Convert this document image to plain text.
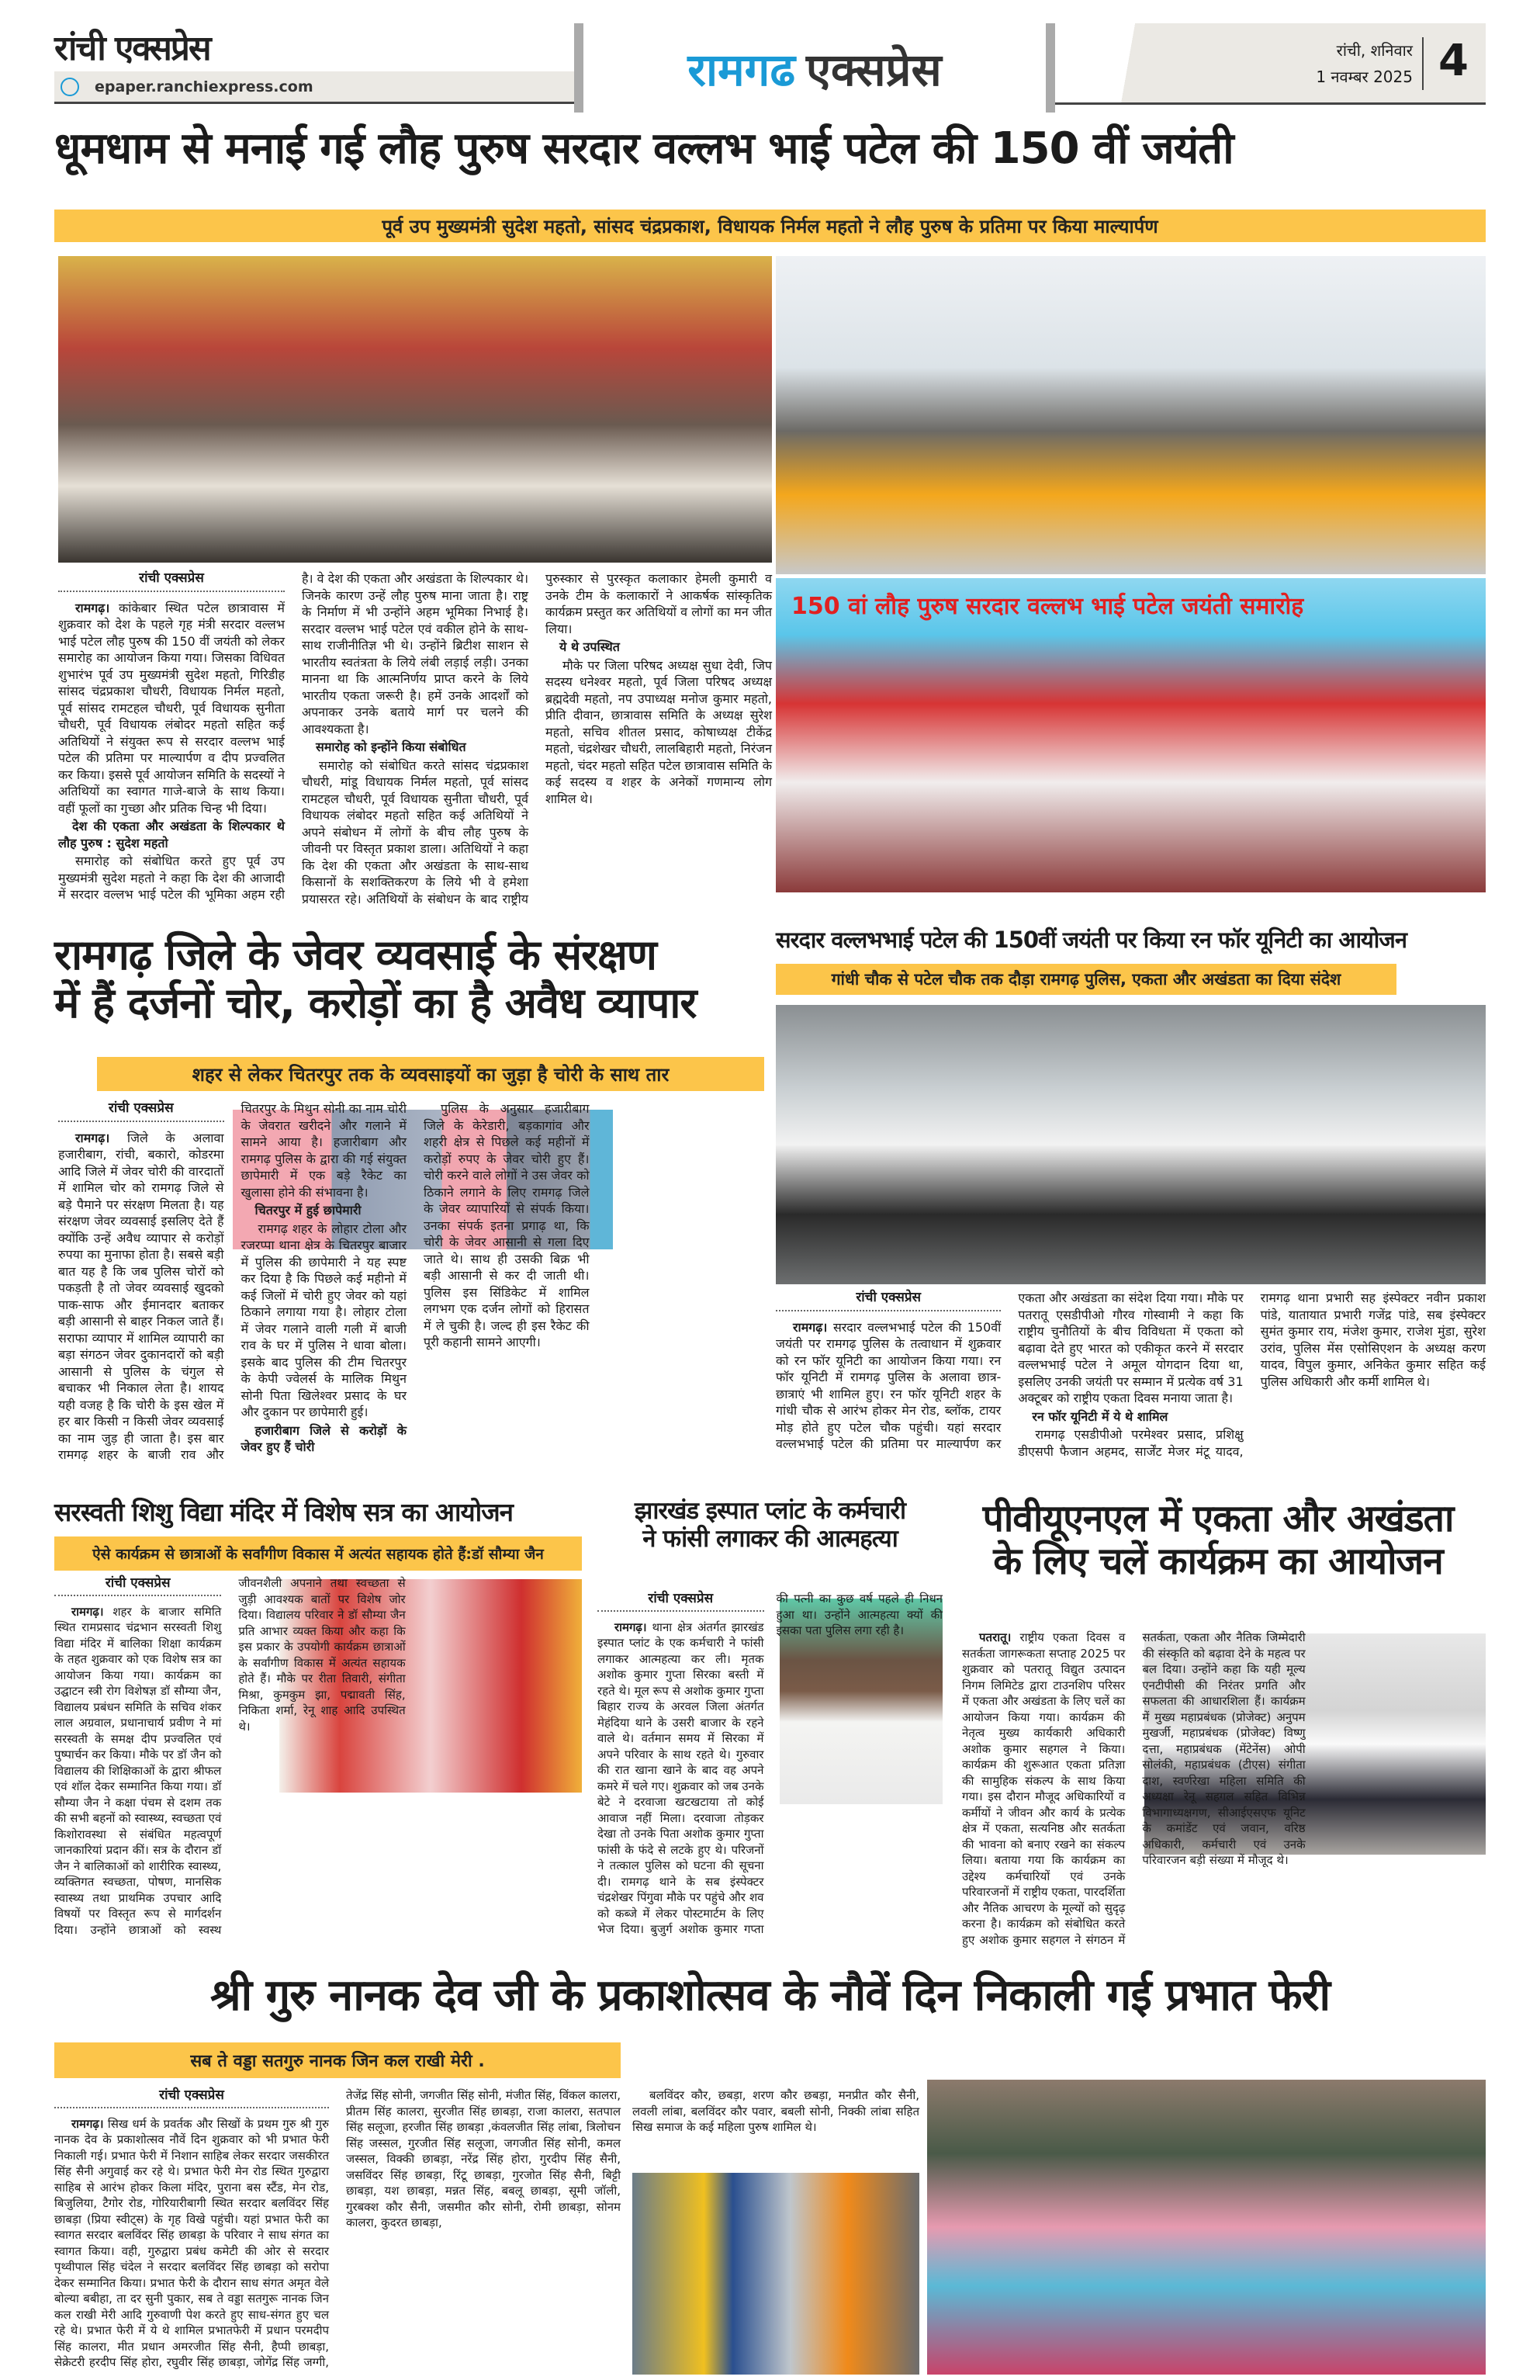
रांची एक्सप्रेस
epaper.ranchiexpress.com	रामगढ एक्सप्रेस	रांची, शनिवार
1 नवम्बर 2025 4
धूमधाम से मनाई गई लौह पुरुष सरदार वल्लभ भाई पटेल की 150 वीं जयंती
पूर्व उप मुख्यमंत्री सुदेश महतो, सांसद चंद्रप्रकाश, विधायक निर्मल महतो ने लौह पुरुष के प्रतिमा पर किया माल्यार्पण
150 वां लौह पुरुष सरदार वल्लभ भाई पटेल जयंती समारोह
रांची एक्सप्रेस

रामगढ़। कांकेबार स्थित पटेल छात्रावास में शुक्रवार को देश के पहले गृह मंत्री सरदार वल्लभ भाई पटेल लौह पुरुष की 150 वीं जयंती को लेकर समारोह का आयोजन किया गया। जिसका विधिवत शुभारंभ पूर्व उप मुख्यमंत्री सुदेश महतो, गिरिडीह सांसद चंद्रप्रकाश चौधरी, विधायक निर्मल महतो, पूर्व सांसद रामटहल चौधरी, पूर्व विधायक सुनीता चौधरी, पूर्व विधायक लंबोदर महतो सहित कई अतिथियों ने संयुक्त रूप से सरदार वल्लभ भाई पटेल की प्रतिमा पर माल्यार्पण व दीप प्रज्वलित कर किया। इससे पूर्व आयोजन समिति के सदस्यों ने अतिथियों का स्वागत गाजे-बाजे के साथ किया। वहीं फूलों का गुच्छा और प्रतिक चिन्ह भी दिया।

देश की एकता और अखंडता के शिल्पकार थे लौह पुरुष : सुदेश महतो

समारोह को संबोधित करते हुए पूर्व उप मुख्यमंत्री सुदेश महतो ने कहा कि देश की आजादी में सरदार वल्लभ भाई पटेल की भूमिका अहम रही है। वे देश की एकता और अखंडता के शिल्पकार थे। जिनके कारण उन्हें लौह पुरुष माना जाता है। राष्ट्र के निर्माण में भी उन्होंने अहम भूमिका निभाई है। सरदार वल्लभ भाई पटेल एवं वकील होने के साथ-साथ राजीनीतिज्ञ भी थे। उन्होंने ब्रिटीश साशन से भारतीय स्वतंत्रता के लिये लंबी लड़ाई लड़ी। उनका मानना था कि आत्मनिर्णय प्राप्त करने के लिये भारतीय एकता जरूरी है। हमें उनके आदर्शों को अपनाकर उनके बताये मार्ग पर चलने की आवश्यकता है।

समारोह को इन्होंने किया संबोधित

समारोह को संबोधित करते सांसद चंद्रप्रकाश चौधरी, मांडू विधायक निर्मल महतो, पूर्व सांसद रामटहल चौधरी, पूर्व विधायक सुनीता चौधरी, पूर्व विधायक लंबोदर महतो सहित कई अतिथियों ने अपने संबोधन में लोगों के बीच लौह पुरुष के जीवनी पर विस्तृत प्रकाश डाला। अतिथियों ने कहा कि देश की एकता और अखंडता के साथ-साथ किसानों के सशक्तिकरण के लिये भी वे हमेशा प्रयासरत रहे। अतिथियों के संबोधन के बाद राष्ट्रीय पुरुस्कार से पुरस्कृत कलाकार हेमली कुमारी व उनके टीम के कलाकारों ने आकर्षक सांस्कृतिक कार्यक्रम प्रस्तुत कर अतिथियों व लोगों का मन जीत लिया।

ये थे उपस्थित

मौके पर जिला परिषद अध्यक्ष सुधा देवी, जिप सदस्य धनेश्वर महतो, पूर्व जिला परिषद अध्यक्ष ब्रह्मदेवी महतो, नप उपाध्यक्ष मनोज कुमार महतो, प्रीति दीवान, छात्रावास समिति के अध्यक्ष सुरेश महतो, सचिव शीतल प्रसाद, कोषाध्यक्ष टीकेंद्र महतो, चंद्रशेखर चौधरी, लालबिहारी महतो, निरंजन महतो, चंदर महतो सहित पटेल छात्रावास समिति के कई सदस्य व शहर के अनेकों गणमान्य लोग शामिल थे।

रामगढ़ जिले के जेवर व्यवसाई के संरक्षण
में हैं दर्जनों चोर, करोड़ों का है अवैध व्यापार
शहर से लेकर चितरपुर तक के व्यवसाइयों का जुड़ा है चोरी के साथ तार
रांची एक्सप्रेस

रामगढ़। जिले के अलावा हजारीबाग, रांची, बकारो, कोडरमा आदि जिले में जेवर चोरी की वारदातों में शामिल चोर को रामगढ़ जिले से बड़े पैमाने पर संरक्षण मिलता है। यह संरक्षण जेवर व्यवसाई इसलिए देते हैं क्योंकि उन्हें अवैध व्यापार से करोड़ों रुपया का मुनाफा होता है। सबसे बड़ी बात यह है कि जब पुलिस चोरों को पकड़ती है तो जेवर व्यवसाई खुदको पाक-साफ और ईमानदार बताकर बड़ी आसानी से बाहर निकल जाते हैं। सराफा व्यापार में शामिल व्यापारी का बड़ा संगठन जेवर दुकानदारों को बड़ी आसानी से पुलिस के चंगुल से बचाकर भी निकाल लेता है। शायद यही वजह है कि चोरी के इस खेल में हर बार किसी न किसी जेवर व्यवसाई का नाम जुड़ ही जाता है। इस बार रामगढ़ शहर के बाजी राव और चितरपुर के मिथुन सोनी का नाम चोरी के जेवरात खरीदने और गलाने में सामने आया है। हजारीबाग और रामगढ़ पुलिस के द्वारा की गई संयुक्त छापेमारी में एक बड़े रैकेट का खुलासा होने की संभावना है।

चितरपुर में हुई छापेमारी

रामगढ़ शहर के लोहार टोला और रजरप्पा थाना क्षेत्र के चितरपुर बाजार में पुलिस की छापेमारी ने यह स्पष्ट कर दिया है कि पिछले कई महीनो में कई जिलों में चोरी हुए जेवर को यहां ठिकाने लगाया गया है। लोहार टोला में जेवर गलाने वाली गली में बाजी राव के घर में पुलिस ने धावा बोला। इसके बाद पुलिस की टीम चितरपुर के केपी ज्वेलर्स के मालिक मिथुन सोनी पिता खिलेश्वर प्रसाद के घर और दुकान पर छापेमारी हुई।

हजारीबाग जिले से करोड़ों के जेवर हुए हैं चोरी

पुलिस के अनुसार हजारीबाग जिले के केरेडारी, बड़कागांव और शहरी क्षेत्र से पिछले कई महीनों में करोड़ों रुपए के जेवर चोरी हुए हैं। चोरी करने वाले लोगों ने उस जेवर को ठिकाने लगाने के लिए रामगढ़ जिले के जेवर व्यापारियों से संपर्क किया। उनका संपर्क इतना प्रगाढ़ था, कि चोरी के जेवर आसानी से गला दिए जाते थे। साथ ही उसकी बिक्र भी बड़ी आसानी से कर दी जाती थी। पुलिस इस सिंडिकेट में शामिल लगभग एक दर्जन लोगों को हिरासत में ले चुकी है। जल्द ही इस रैकेट की पूरी कहानी सामने आएगी।

सरदार वल्लभभाई पटेल की 150वीं जयंती पर किया रन फॉर यूनिटी का आयोजन
गांधी चौक से पटेल चौक तक दौड़ा रामगढ़ पुलिस, एकता और अखंडता का दिया संदेश
रांची एक्सप्रेस

रामगढ़। सरदार वल्लभभाई पटेल की 150वीं जयंती पर रामगढ़ पुलिस के तत्वाधान में शुक्रवार को रन फॉर यूनिटी का आयोजन किया गया। रन फॉर यूनिटी में रामगढ़ पुलिस के अलावा छात्र-छात्राएं भी शामिल हुए। रन फॉर यूनिटी शहर के गांधी चौक से आरंभ होकर मेन रोड, ब्लॉक, टायर मोड़ होते हुए पटेल चौक पहुंची। यहां सरदार वल्लभभाई पटेल की प्रतिमा पर माल्यार्पण कर एकता और अखंडता का संदेश दिया गया। मौके पर पतरातू एसडीपीओ गौरव गोस्वामी ने कहा कि राष्ट्रीय चुनौतियों के बीच विविधता में एकता को बढ़ावा देते हुए भारत को एकीकृत करने में सरदार वल्लभभाई पटेल ने अमूल योगदान दिया था, इसलिए उनकी जयंती पर सम्मान में प्रत्येक वर्ष 31 अक्टूबर को राष्ट्रीय एकता दिवस मनाया जाता है।

रन फॉर यूनिटी में ये थे शामिल

रामगढ़ एसडीपीओ परमेश्वर प्रसाद, प्रशिक्षु डीएसपी फैजान अहमद, सार्जेंट मेजर मंटू यादव, रामगढ़ थाना प्रभारी सह इंस्पेक्टर नवीन प्रकाश पांडे, यातायात प्रभारी गजेंद्र पांडे, सब इंस्पेक्टर सुमंत कुमार राय, मंजेश कुमार, राजेश मुंडा, सुरेश उरांव, पुलिस मेंस एसोसिएशन के अध्यक्ष करण यादव, विपुल कुमार, अनिकेत कुमार सहित कई पुलिस अधिकारी और कर्मी शामिल थे।

सरस्वती शिशु विद्या मंदिर में विशेष सत्र का आयोजन
ऐसे कार्यक्रम से छात्राओं के सर्वांगीण विकास में अत्यंत सहायक होते हैं:डॉ सौम्या जैन
रांची एक्सप्रेस

रामगढ़। शहर के बाजार समिति स्थित रामप्रसाद चंद्रभान सरस्वती शिशु विद्या मंदिर में बालिका शिक्षा कार्यक्रम के तहत शुक्रवार को एक विशेष सत्र का आयोजन किया गया। कार्यक्रम का उद्घाटन स्त्री रोग विशेषज्ञ डॉ सौम्या जैन, विद्यालय प्रबंधन समिति के सचिव शंकर लाल अग्रवाल, प्रधानाचार्य प्रवीण ने मां सरस्वती के समक्ष दीप प्रज्वलित एवं पुष्पार्चन कर किया। मौके पर डॉ जैन को विद्यालय की शिक्षिकाओं के द्वारा श्रीफल एवं शॉल देकर सम्मानित किया गया। डॉ सौम्या जैन ने कक्षा पंचम से दशम तक की सभी बहनों को स्वास्थ्य, स्वच्छता एवं किशोरावस्था से संबंधित महत्वपूर्ण जानकारियां प्रदान कीं। सत्र के दौरान डॉ जैन ने बालिकाओं को शारीरिक स्वास्थ्य, व्यक्तिगत स्वच्छता, पोषण, मानसिक स्वास्थ्य तथा प्राथमिक उपचार आदि विषयों पर विस्तृत रूप से मार्गदर्शन दिया। उन्होंने छात्राओं को स्वस्थ जीवनशैली अपनाने तथा स्वच्छता से जुड़ी आवश्यक बातों पर विशेष जोर दिया। विद्यालय परिवार ने डॉ सौम्या जैन प्रति आभार व्यक्त किया और कहा कि इस प्रकार के उपयोगी कार्यक्रम छात्राओं के सर्वांगीण विकास में अत्यंत सहायक होते हैं। मौके पर रीता तिवारी, संगीता मिश्रा, कुमकुम झा, पद्मावती सिंह, निकिता शर्मा, रेनू शाह आदि उपस्थित थे।

झारखंड इस्पात प्लांट के कर्मचारी
ने फांसी लगाकर की आत्महत्या
रांची एक्सप्रेस

रामगढ़। थाना क्षेत्र अंतर्गत झारखंड इस्पात प्लांट के एक कर्मचारी ने फांसी लगाकर आत्महत्या कर ली। मृतक अशोक कुमार गुप्ता सिरका बस्ती में रहते थे। मूल रूप से अशोक कुमार गुप्ता बिहार राज्य के अरवल जिला अंतर्गत मेहंदिया थाने के उसरी बाजार के रहने वाले थे। वर्तमान समय में सिरका में अपने परिवार के साथ रहते थे। गुरुवार की रात खाना खाने के बाद वह अपने कमरे में चले गए। शुक्रवार को जब उनके बेटे ने दरवाजा खटखटाया तो कोई आवाज नहीं मिला। दरवाजा तोड़कर देखा तो उनके पिता अशोक कुमार गुप्ता फांसी के फंदे से लटके हुए थे। परिजनों ने तत्काल पुलिस को घटना की सूचना दी। रामगढ़ थाने के सब इंस्पेक्टर चंद्रशेखर पिंगुवा मौके पर पहुंचे और शव को कब्जे में लेकर पोस्टमार्टम के लिए भेज दिया। बुजुर्ग अशोक कुमार गप्ता की पत्नी का कुछ वर्ष पहले ही निधन हुआ था। उन्होंने आत्महत्या क्यों की इसका पता पुलिस लगा रही है।

पीवीयूएनएल में एकता और अखंडता
के लिए चलें कार्यक्रम का आयोजन

पतरातू। राष्ट्रीय एकता दिवस व सतर्कता जागरूकता सप्ताह 2025 पर शुक्रवार को पतरातू विद्युत उत्पादन निगम लिमिटेड द्वारा टाउनशिप परिसर में एकता और अखंडता के लिए चलें का आयोजन किया गया। कार्यक्रम की नेतृत्व मुख्य कार्यकारी अधिकारी अशोक कुमार सहगल ने किया। कार्यक्रम की शुरूआत एकता प्रतिज्ञा की सामुहिक संकल्प के साथ किया गया। इस दौरान मौजूद अधिकारियों व कर्मीयों ने जीवन और कार्य के प्रत्येक क्षेत्र में एकता, सत्यनिष्ठ और सतर्कता की भावना को बनाए रखने का संकल्प लिया। बताया गया कि कार्यक्रम का उद्देश्य कर्मचारियों एवं उनके परिवारजनों में राष्ट्रीय एकता, पारदर्शिता और नैतिक आचरण के मूल्यों को सुदृढ़ करना है। कार्यक्रम को संबोधित करते हुए अशोक कुमार सहगल ने संगठन में सतर्कता, एकता और नैतिक जिम्मेदारी की संस्कृति को बढ़ावा देने के महत्व पर बल दिया। उन्होंने कहा कि यही मूल्य एनटीपीसी की निरंतर प्रगति और सफलता की आधारशिला हैं। कार्यक्रम में मुख्य महाप्रबंधक (प्रोजेक्ट) अनुपम मुखर्जी, महाप्रबंधक (प्रोजेक्ट) विष्णु दत्ता, महाप्रबंधक (मेंटेनेंस) ओपी सोलंकी, महाप्रबंधक (टीएस) संगीता दाश, स्वर्णरेखा महिला समिति की अध्यक्षा रेनू सहगल सहित विभिन्न विभागाध्यक्षगण, सीआईएसएफ यूनिट के कमांडेंट एवं जवान, वरिष्ठ अधिकारी, कर्मचारी एवं उनके परिवारजन बड़ी संख्या में मौजूद थे।

श्री गुरु नानक देव जी के प्रकाशोत्सव के नौवें दिन निकाली गई प्रभात फेरी
सब ते वड्डा सतगुरु नानक जिन कल राखी मेरी .
रांची एक्सप्रेस

रामगढ़। सिख धर्म के प्रवर्तक और सिखों के प्रथम गुरु श्री गुरु नानक देव के प्रकाशोत्सव नौवें दिन शुक्रवार को भी प्रभात फेरी निकाली गई। प्रभात फेरी में निशान साहिब लेकर सरदार जसकीरत सिंह सैनी अगुवाई कर रहे थे। प्रभात फेरी मेन रोड स्थित गुरुद्वारा साहिब से आरंभ होकर किला मंदिर, पुराना बस स्टैंड, मेन रोड, बिजुलिया, टैगोर रोड, गोरियारीबागी स्थित सरदार बलविंदर सिंह छाबड़ा (प्रिया स्वीट्स) के गृह विखे पहुंची। यहां प्रभात फेरी का स्वागत सरदार बलविंदर सिंह छाबड़ा के परिवार ने साध संगत का स्वागत किया। वही, गुरुद्वारा प्रबंध कमेटी की ओर से सरदार पृथ्वीपाल सिंह चंदेल ने सरदार बलविंदर सिंह छाबड़ा को सरोपा देकर सम्मानित किया। प्रभात फेरी के दौरान साध संगत अमृत वेले बोल्या बबीहा, ता दर सुनी पुकार, सब ते वड्डा सतगुरू नानक जिन कल राखी मेरी आदि गुरुवाणी पेश करते हुए साध-संगत हुए चल रहे थे। प्रभात फेरी में ये थे शामिल प्रभातफेरी में प्रधान परमदीप सिंह कालरा, मीत प्रधान अमरजीत सिंह सैनी, हैप्पी छाबड़ा, सेक्रेटरी हरदीप सिंह होरा, रघुवीर सिंह छाबड़ा, जोगेंद्र सिंह जग्गी, तेजेंद्र सिंह सोनी, जगजीत सिंह सोनी, मंजीत सिंह, विंकल कालरा, प्रीतम सिंह कालरा, सुरजीत सिंह छाबड़ा, राजा कालरा, सतपाल सिंह सलूजा, हरजीत सिंह छाबड़ा ,कंवलजीत सिंह लांबा, त्रिलोचन सिंह जस्सल, गुरजीत सिंह सलूजा, जगजीत सिंह सोनी, कमल जस्सल, विक्की छाबड़ा, नरेंद्र सिंह होरा, गुरदीप सिंह सैनी, जसविंदर सिंह छाबड़ा, रिंटू छाबड़ा, गुरजोत सिंह सैनी, बिट्टी छाबड़ा, यश छाबड़ा, मन्नत सिंह, बबलू छाबड़ा, सूमी जॉली, गुरबक्श कौर सैनी, जसमीत कौर सोनी, रोमी छाबड़ा, सोनम कालरा, कुदरत छाबड़ा,

बलविंदर कौर, छबड़ा, शरण कौर छबड़ा, मनप्रीत कौर सैनी, लवली लांबा, बलविंदर कौर पवार, बबली सोनी, निक्की लांबा सहित सिख समाज के कई महिला पुरुष शामिल थे।
